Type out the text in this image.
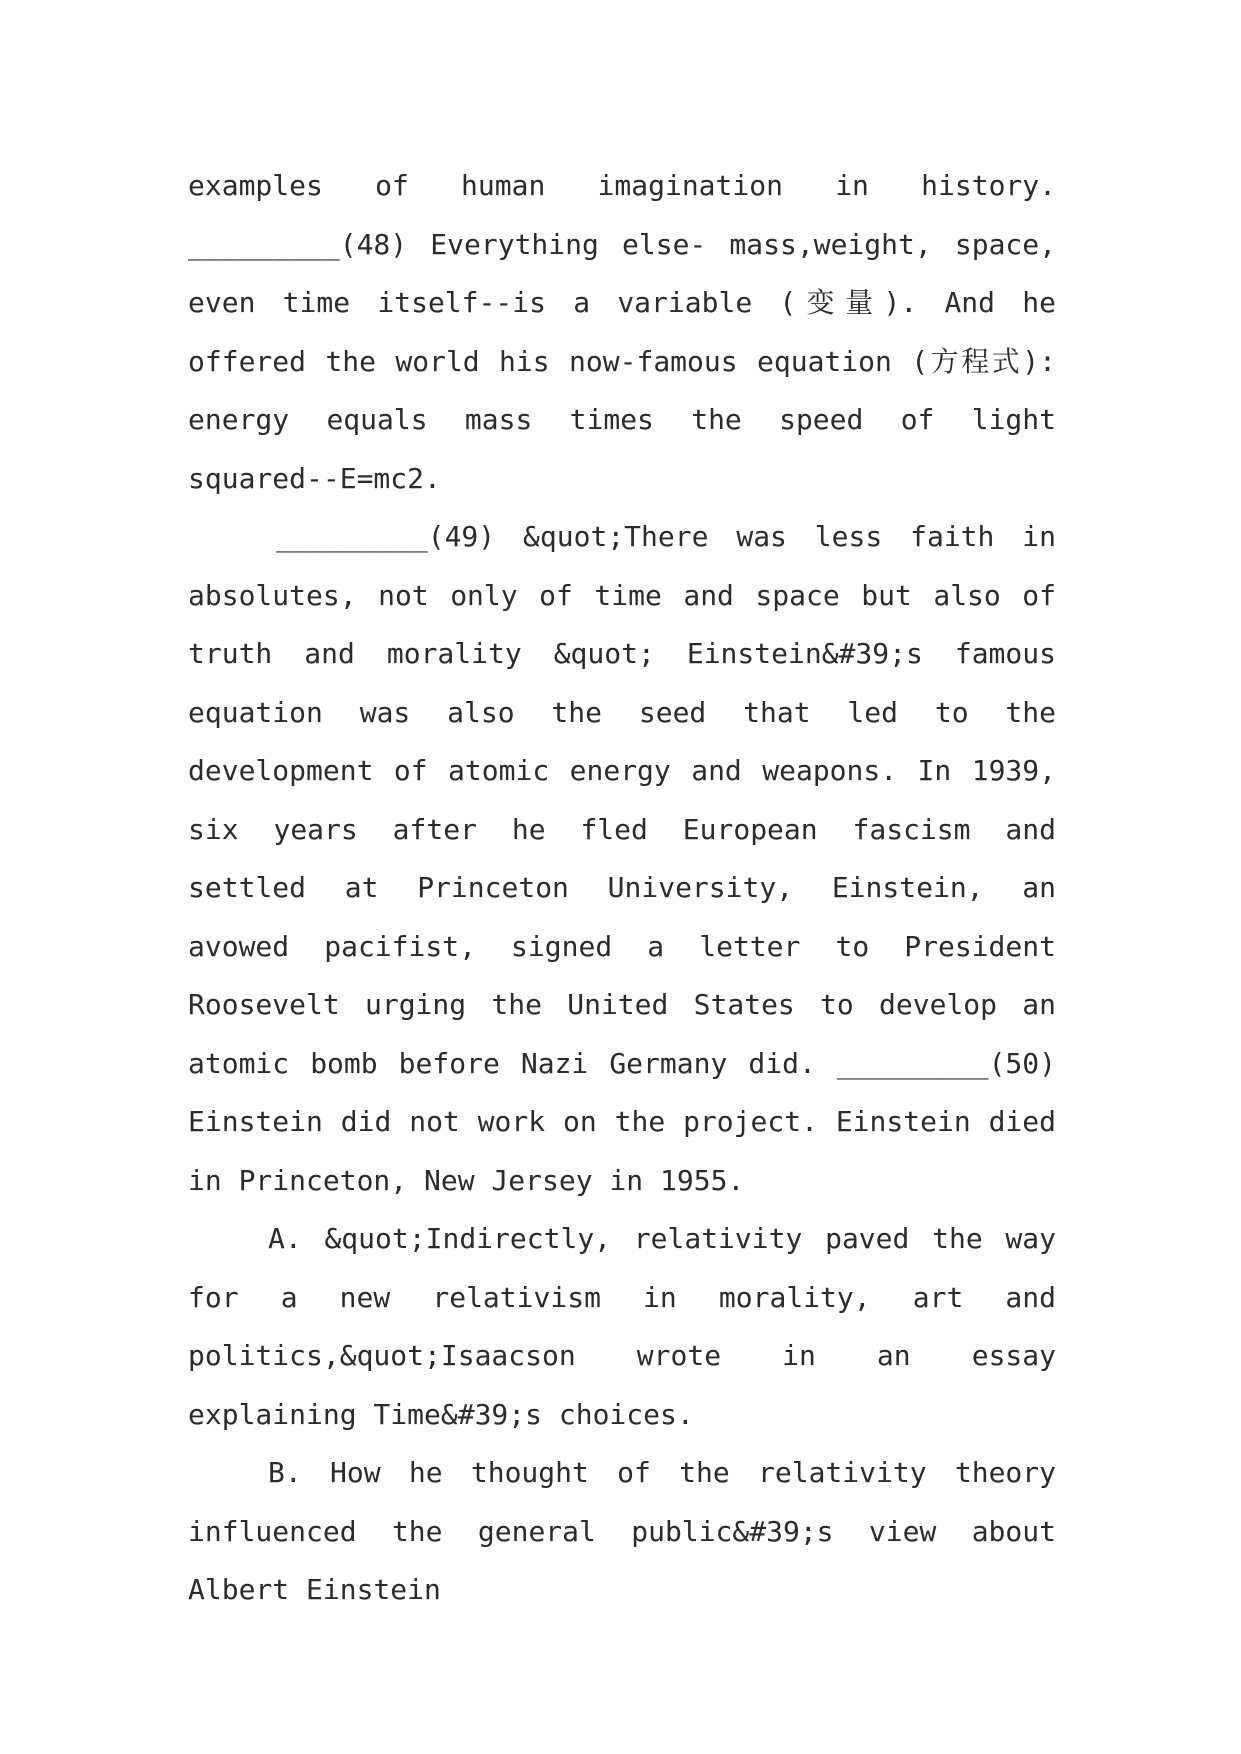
examples of human imagination in history. _________(48) Everything else- mass,weight, space, even time itself--is a variable (变量). And he offered the world his now-famous equation (方程式): energy equals mass times the speed of light squared--E=mc2.

_________(49) &quot;There was less faith in absolutes, not only of time and space but also of truth and morality &quot; Einstein&#39;s famous equation was also the seed that led to the development of atomic energy and weapons. In 1939, six years after he fled European fascism and settled at Princeton University, Einstein, an avowed pacifist, signed a letter to President Roosevelt urging the United States to develop an atomic bomb before Nazi Germany did. _________(50) Einstein did not work on the project. Einstein died in Princeton, New Jersey in 1955.

A. &quot;Indirectly, relativity paved the way for a new relativism in morality, art and politics,&quot;Isaacson wrote in an essay explaining Time&#39;s choices.

B. How he thought of the relativity theory influenced the general public&#39;s view about Albert Einstein
